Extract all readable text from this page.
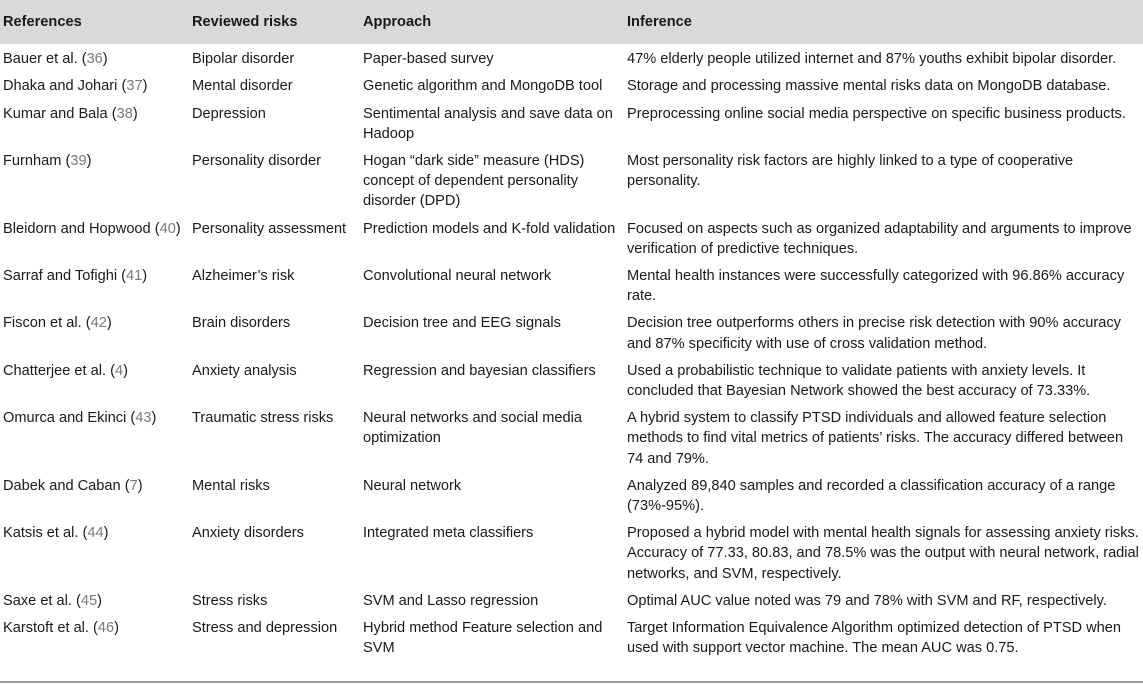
References	Reviewed risks	Approach	Inference
Bauer et al. (36)	Bipolar disorder	Paper-based survey	47% elderly people utilized internet and 87% youths exhibit bipolar disorder.
Dhaka and Johari (37)	Mental disorder	Genetic algorithm and MongoDB tool	Storage and processing massive mental risks data on MongoDB database.
Kumar and Bala (38)	Depression	Sentimental analysis and save data on Hadoop	Preprocessing online social media perspective on specific business products.
Furnham (39)	Personality disorder	Hogan “dark side” measure (HDS) concept of dependent personality disorder (DPD)	Most personality risk factors are highly linked to a type of cooperative personality.
Bleidorn and Hopwood (40)	Personality assessment	Prediction models and K-fold validation	Focused on aspects such as organized adaptability and arguments to improve verification of predictive techniques.
Sarraf and Tofighi (41)	Alzheimer’s risk	Convolutional neural network	Mental health instances were successfully categorized with 96.86% accuracy rate.
Fiscon et al. (42)	Brain disorders	Decision tree and EEG signals	Decision tree outperforms others in precise risk detection with 90% accuracy and 87% specificity with use of cross validation method.
Chatterjee et al. (4)	Anxiety analysis	Regression and bayesian classifiers	Used a probabilistic technique to validate patients with anxiety levels. It concluded that Bayesian Network showed the best accuracy of 73.33%.
Omurca and Ekinci (43)	Traumatic stress risks	Neural networks and social media optimization	A hybrid system to classify PTSD individuals and allowed feature selection methods to find vital metrics of patients’ risks. The accuracy differed between 74 and 79%.
Dabek and Caban (7)	Mental risks	Neural network	Analyzed 89,840 samples and recorded a classification accuracy of a range (73%-95%).
Katsis et al. (44)	Anxiety disorders	Integrated meta classifiers	Proposed a hybrid model with mental health signals for assessing anxiety risks. Accuracy of 77.33, 80.83, and 78.5% was the output with neural network, radial networks, and SVM, respectively.
Saxe et al. (45)	Stress risks	SVM and Lasso regression	Optimal AUC value noted was 79 and 78% with SVM and RF, respectively.
Karstoft et al. (46)	Stress and depression	Hybrid method Feature selection and SVM	Target Information Equivalence Algorithm optimized detection of PTSD when used with support vector machine. The mean AUC was 0.75.
